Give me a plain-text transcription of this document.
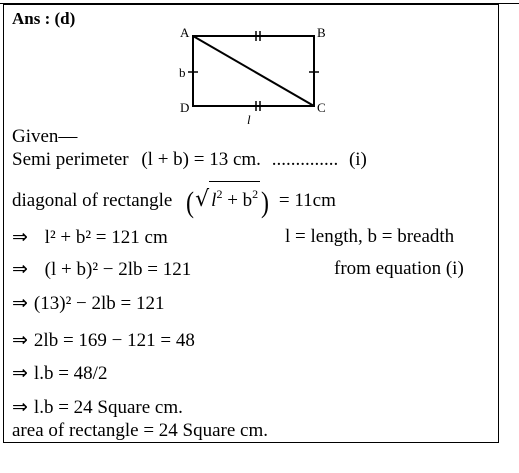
Ans : (d)
A	B
C
D
b
l
Given—
Semi perimeter (l + b) = 13 cm. .............. (i)
diagonal of rectangle (√ $l^2 + b^2$ ) = 11cm
⇒ l² + b² = 121 cm	l = length, b = breadth
⇒ (l + b)² − 2lb = 121	from equation (i)
⇒ (13)² − 2lb = 121
⇒ 2lb = 169 − 121 = 48
⇒ l.b = 48/2
⇒ l.b = 24 Square cm.
area of rectangle = 24 Square cm.
